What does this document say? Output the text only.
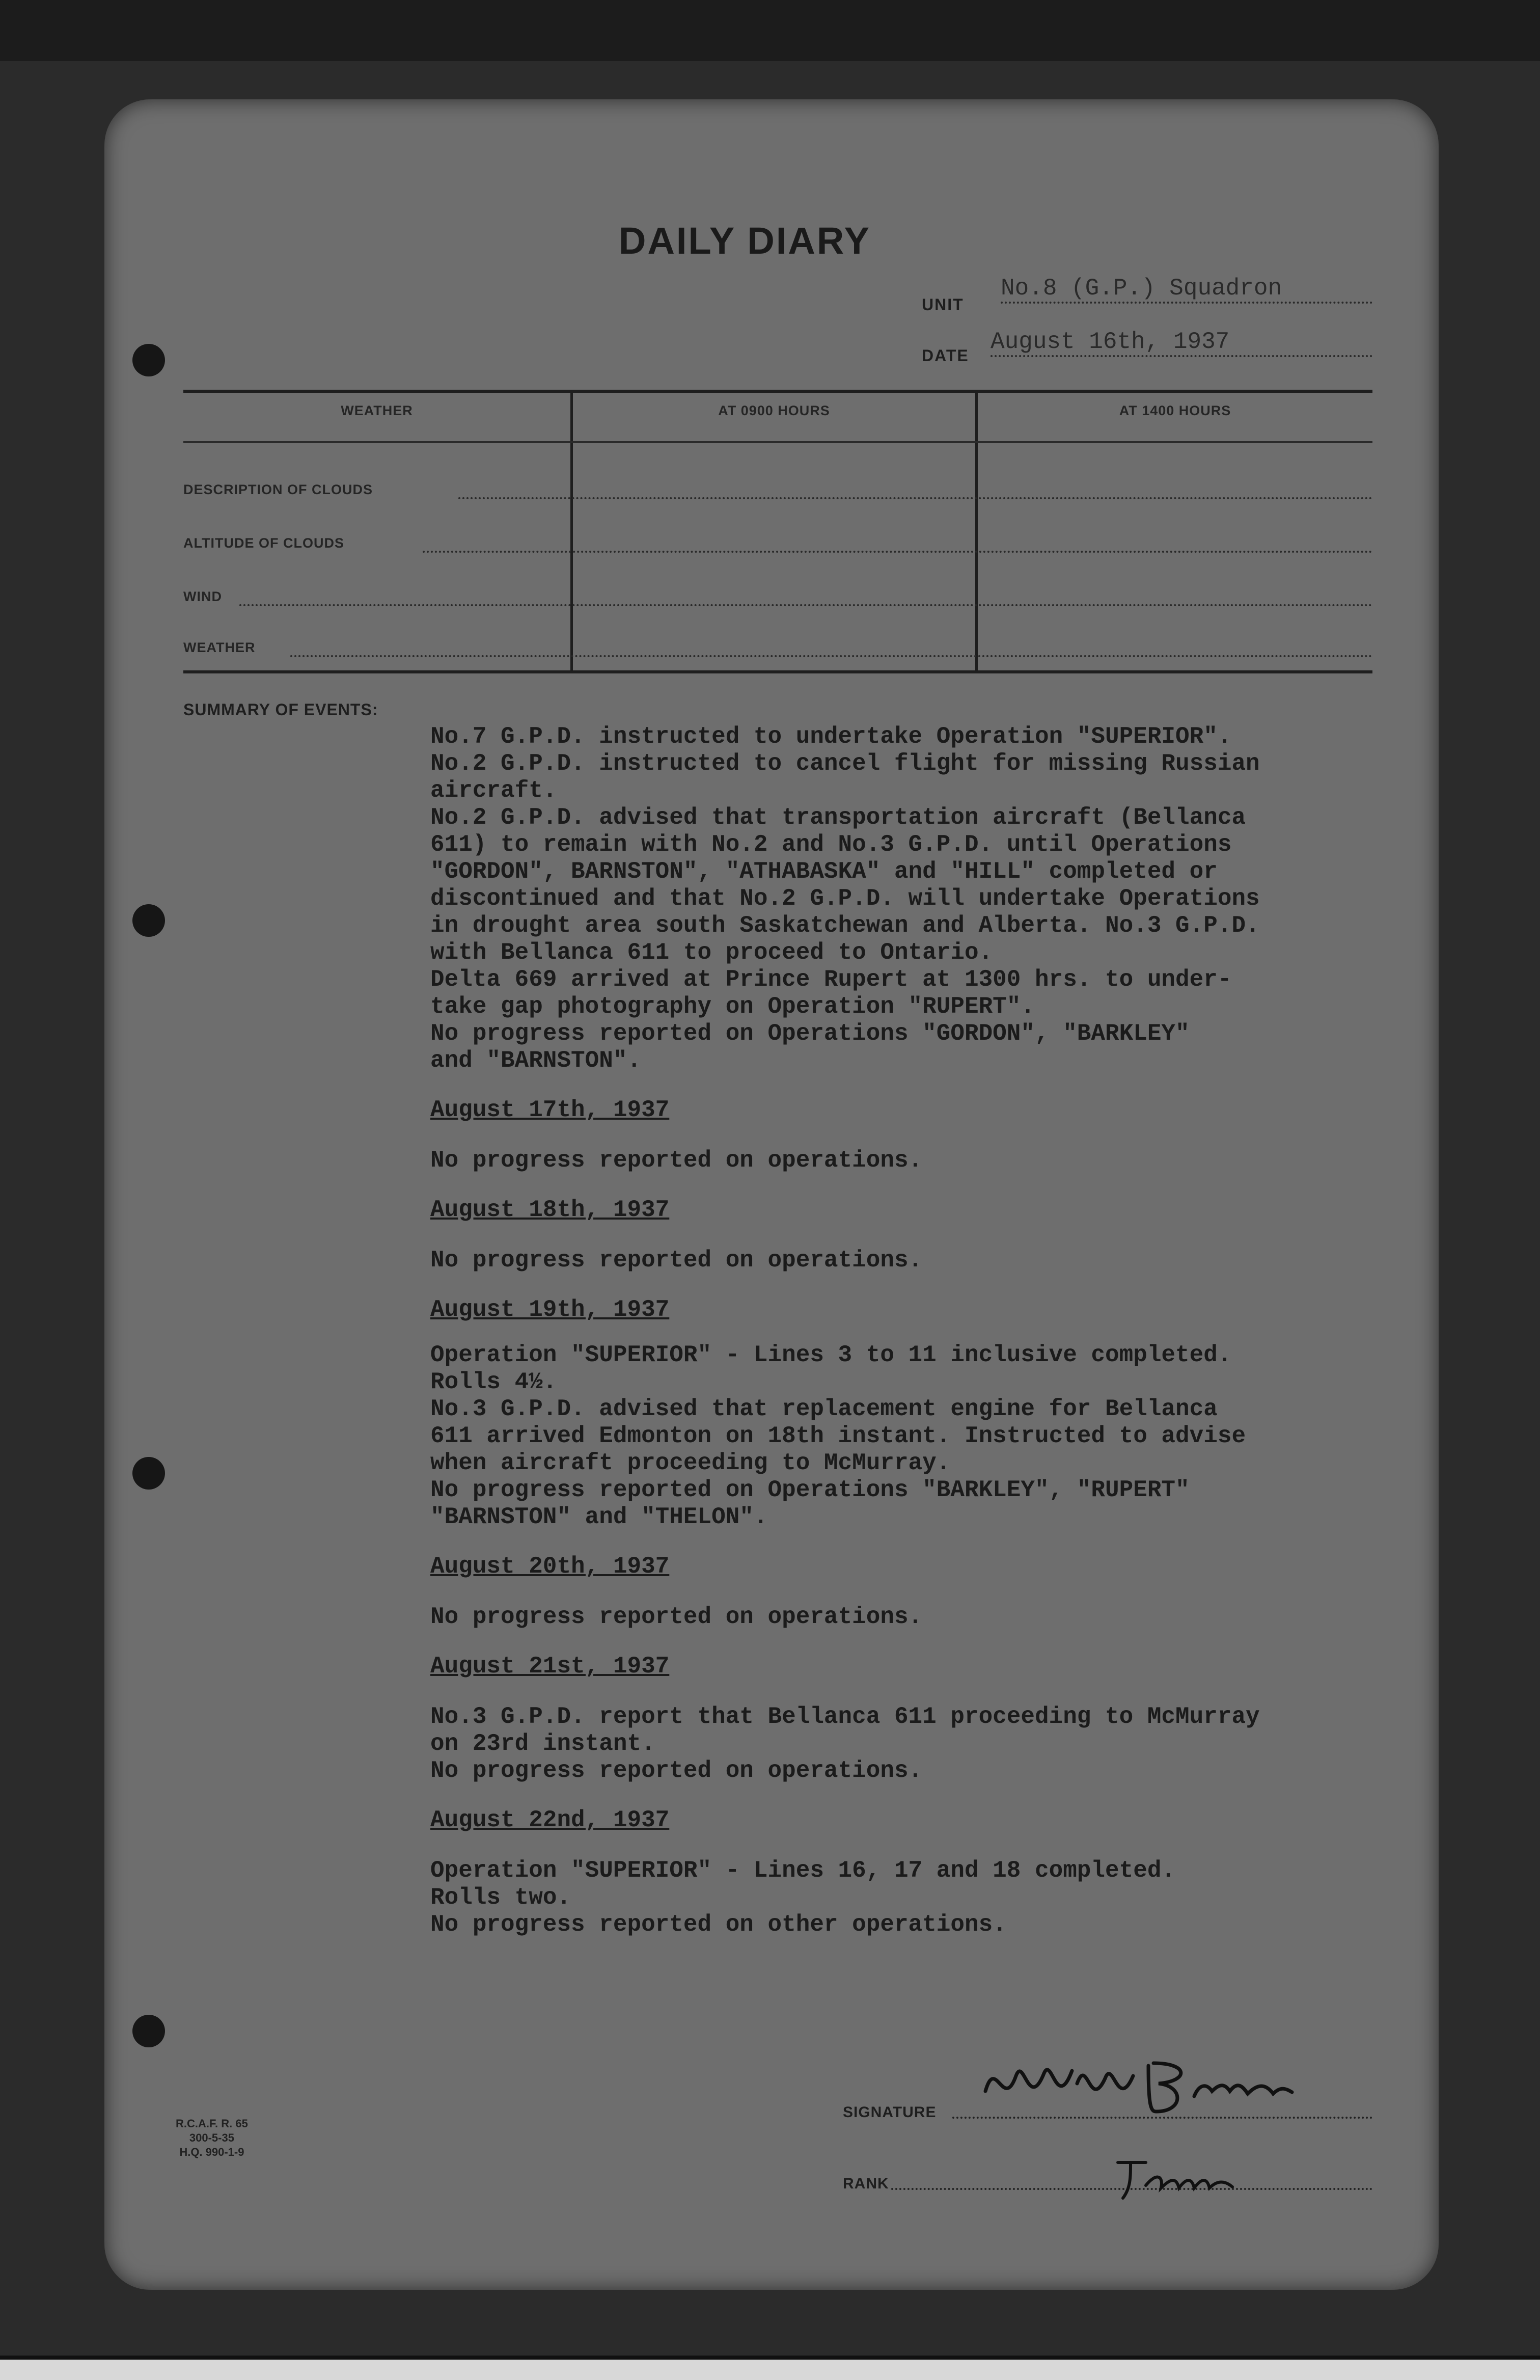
DAILY DIARY
UNIT
No.8 (G.P.) Squadron
DATE
August 16th, 1937
WEATHER	AT 0900 HOURS	AT 1400 HOURS
DESCRIPTION OF CLOUDS
ALTITUDE OF CLOUDS
WIND
WEATHER
SUMMARY OF EVENTS:

No.7 G.P.D. instructed to undertake Operation "SUPERIOR".
No.2 G.P.D. instructed to cancel flight for missing Russian
aircraft.
No.2 G.P.D. advised that transportation aircraft (Bellanca
611) to remain with No.2 and No.3 G.P.D. until Operations
"GORDON", BARNSTON", "ATHABASKA" and "HILL" completed or
discontinued and that No.2 G.P.D. will undertake Operations
in drought area south Saskatchewan and Alberta. No.3 G.P.D.
with Bellanca 611 to proceed to Ontario.
Delta 669 arrived at Prince Rupert at 1300 hrs. to under-
take gap photography on Operation "RUPERT".
No progress reported on Operations "GORDON", "BARKLEY"
and "BARNSTON".

August 17th, 1937

No progress reported on operations.

August 18th, 1937

No progress reported on operations.

August 19th, 1937

Operation "SUPERIOR" - Lines 3 to 11 inclusive completed.
Rolls 4½.
No.3 G.P.D. advised that replacement engine for Bellanca
611 arrived Edmonton on 18th instant. Instructed to advise
when aircraft proceeding to McMurray.
No progress reported on Operations "BARKLEY", "RUPERT"
"BARNSTON" and "THELON".

August 20th, 1937

No progress reported on operations.

August 21st, 1937

No.3 G.P.D. report that Bellanca 611 proceeding to McMurray
on 23rd instant.
No progress reported on operations.

August 22nd, 1937

Operation "SUPERIOR" - Lines 16, 17 and 18 completed.
Rolls two.
No progress reported on other operations.

R.C.A.F. R. 65
300-5-35
H.Q. 990-1-9
SIGNATURE
RANK
